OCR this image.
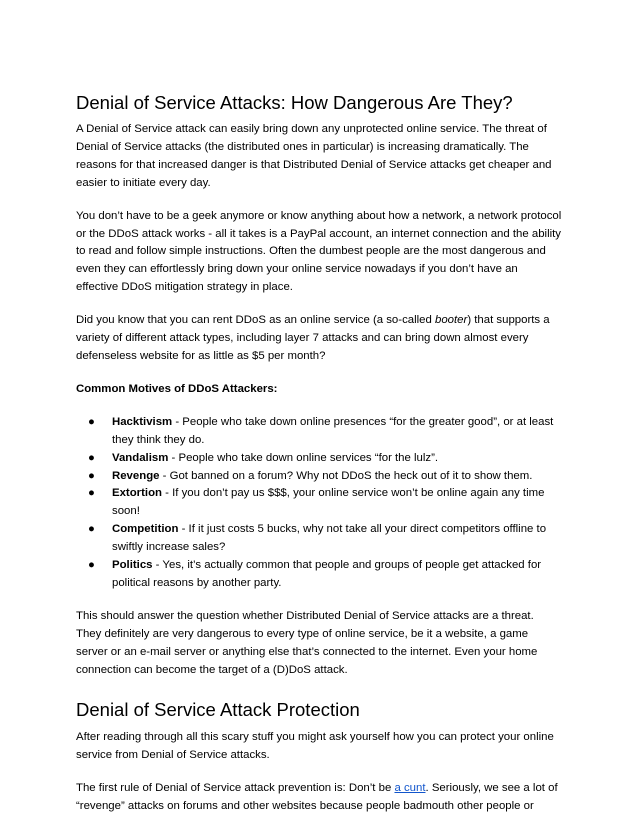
Denial of Service Attacks: How Dangerous Are They?

A Denial of Service attack can easily bring down any unprotected online service. The threat of Denial of Service attacks (the distributed ones in particular) is increasing dramatically. The reasons for that increased danger is that Distributed Denial of Service attacks get cheaper and easier to initiate every day.

You don’t have to be a geek anymore or know anything about how a network, a network protocol or the DDoS attack works - all it takes is a PayPal account, an internet connection and the ability to read and follow simple instructions. Often the dumbest people are the most dangerous and even they can effortlessly bring down your online service nowadays if you don’t have an effective DDoS mitigation strategy in place.

Did you know that you can rent DDoS as an online service (a so-called booter) that supports a variety of different attack types, including layer 7 attacks and can bring down almost every defenseless website for as little as $5 per month?

Common Motives of DDoS Attackers:

● Hacktivism - People who take down online presences “for the greater good”, or at least they think they do.
● Vandalism - People who take down online services “for the lulz”.
● Revenge - Got banned on a forum? Why not DDoS the heck out of it to show them.
● Extortion - If you don’t pay us $$$, your online service won’t be online again any time soon!
● Competition - If it just costs 5 bucks, why not take all your direct competitors offline to swiftly increase sales?
● Politics - Yes, it’s actually common that people and groups of people get attacked for political reasons by another party.

This should answer the question whether Distributed Denial of Service attacks are a threat. They definitely are very dangerous to every type of online service, be it a website, a game server or an e-mail server or anything else that’s connected to the internet. Even your home connection can become the target of a (D)DoS attack.

Denial of Service Attack Protection

After reading through all this scary stuff you might ask yourself how you can protect your online service from Denial of Service attacks.

The first rule of Denial of Service attack prevention is: Don’t be a cunt. Seriously, we see a lot of “revenge” attacks on forums and other websites because people badmouth other people or
